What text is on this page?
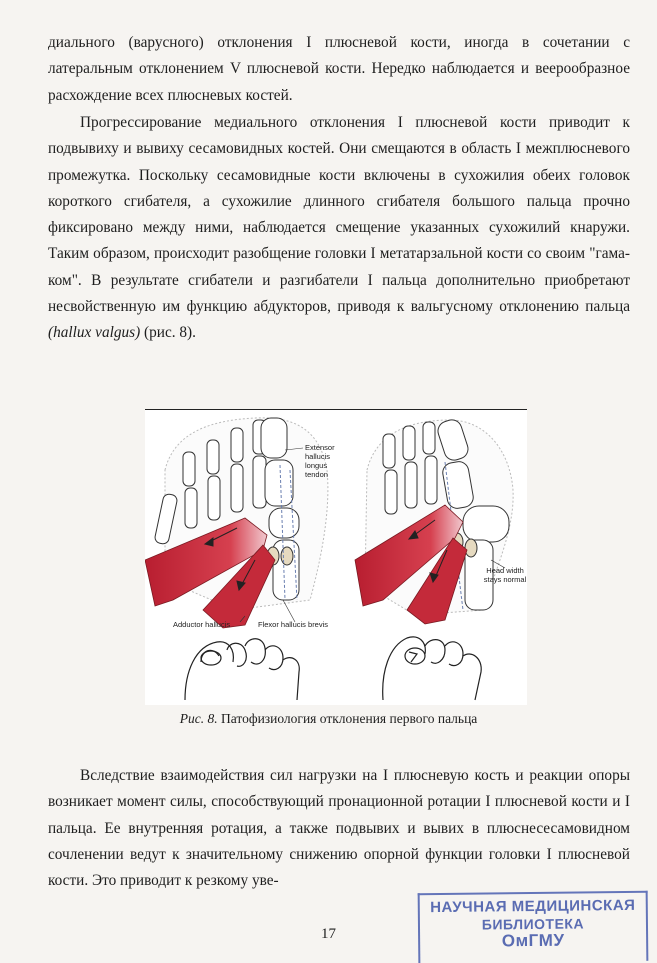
диального (варусного) отклонения I плюсневой кости, иногда в сочетании с латеральным отклонением V плюсневой кости. Нередко наблюдается и веерообразное расхождение всех плюсневых костей.

Прогрессирование медиального отклонения I плюсневой кости приводит к подвывиху и вывиху сесамовидных костей. Они смещаются в область I межплюсневого промежутка. Поскольку сесамовидные кости включены в сухожилия обеих головок короткого сгибателя, а сухожилие длинного сгибателя большого пальца прочно фиксировано между ними, наблюдается смещение указанных сухожилий кнаружи. Таким образом, происходит разобщение головки I метатарзальной кости со своим "гамаком". В результате сгибатели и разгибатели I пальца дополнительно приобретают несвойственную им функцию абдукторов, приводя к вальгусному отклонению пальца (hallux valgus) (рис. 8).

Extensor
hallucis
longus
tendon
Head width
stays normal
Adductor hallucis	Flexor hallucis brevis

Рис. 8. Патофизиология отклонения первого пальца

Вследствие взаимодействия сил нагрузки на I плюсневую кость и реакции опоры возникает момент силы, способствующий пронационной ротации I плюсневой кости и I пальца. Ее внутренняя ротация, а также подвывих и вывих в плюснесесамовидном сочленении ведут к значительному снижению опорной функции головки I плюсневой кости. Это приводит к резкому уве-

17

НАУЧНАЯ МЕДИЦИНСКАЯ
БИБЛИОТЕКА
ОмГМУ
